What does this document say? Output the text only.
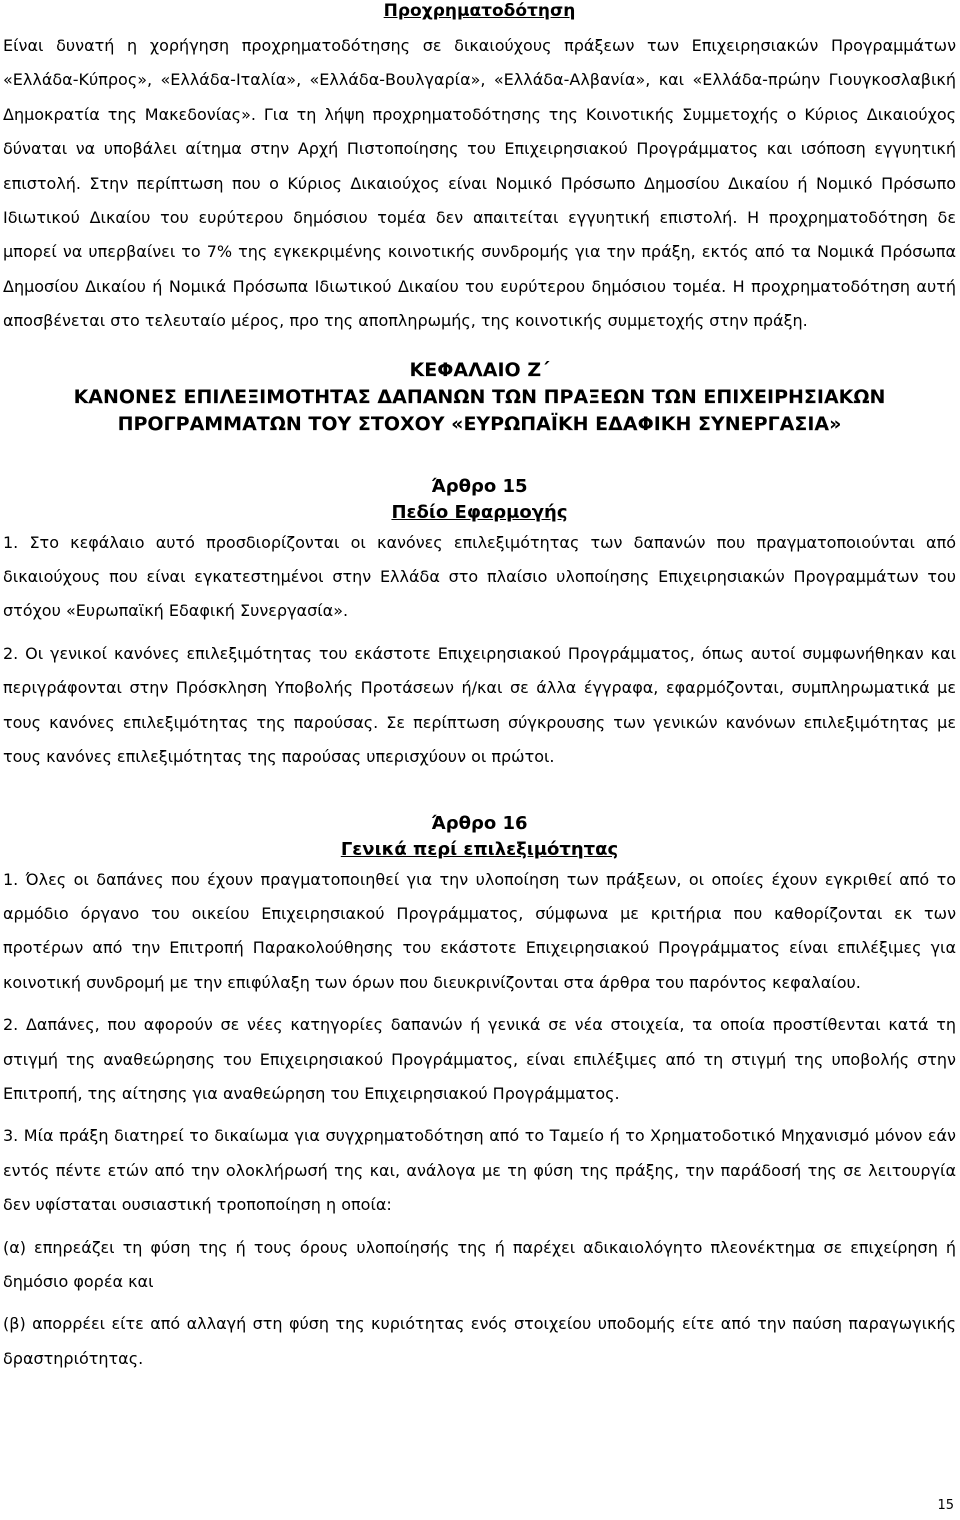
Προχρηματοδότηση

Είναι δυνατή η χορήγηση προχρηματοδότησης σε δικαιούχους πράξεων των Επιχειρησιακών Προγραμμάτων «Ελλάδα-Κύπρος», «Ελλάδα-Ιταλία», «Ελλάδα-Βουλγαρία», «Ελλάδα-Αλβανία», και «Ελλάδα-πρώην Γιουγκοσλαβική Δημοκρατία της Μακεδονίας». Για τη λήψη προχρηματοδότησης της Κοινοτικής Συμμετοχής ο Κύριος Δικαιούχος δύναται να υποβάλει αίτημα στην Αρχή Πιστοποίησης του Επιχειρησιακού Προγράμματος και ισόποση εγγυητική επιστολή. Στην περίπτωση που ο Κύριος Δικαιούχος είναι Νομικό Πρόσωπο Δημοσίου Δικαίου ή Νομικό Πρόσωπο Ιδιωτικού Δικαίου του ευρύτερου δημόσιου τομέα δεν απαιτείται εγγυητική επιστολή. Η προχρηματοδότηση δε μπορεί να υπερβαίνει το 7% της εγκεκριμένης κοινοτικής συνδρομής για την πράξη, εκτός από τα Νομικά Πρόσωπα Δημοσίου Δικαίου ή Νομικά Πρόσωπα Ιδιωτικού Δικαίου του ευρύτερου δημόσιου τομέα. Η προχρηματοδότηση αυτή αποσβένεται στο τελευταίο μέρος, προ της αποπληρωμής, της κοινοτικής συμμετοχής στην πράξη.

ΚΕΦΑΛΑΙΟ Ζ΄

ΚΑΝΟΝΕΣ ΕΠΙΛΕΞΙΜΟΤΗΤΑΣ ΔΑΠΑΝΩΝ ΤΩΝ ΠΡΑΞΕΩΝ ΤΩΝ ΕΠΙΧΕΙΡΗΣΙΑΚΩΝ
ΠΡΟΓΡΑΜΜΑΤΩΝ ΤΟΥ ΣΤΟΧΟΥ «ΕΥΡΩΠΑΪΚΗ ΕΔΑΦΙΚΗ ΣΥΝΕΡΓΑΣΙΑ»

Άρθρο 15

Πεδίο Εφαρμογής

1. Στο κεφάλαιο αυτό προσδιορίζονται οι κανόνες επιλεξιμότητας των δαπανών που πραγματοποιούνται από δικαιούχους που είναι εγκατεστημένοι στην Ελλάδα στο πλαίσιο υλοποίησης Επιχειρησιακών Προγραμμάτων του στόχου «Ευρωπαϊκή Εδαφική Συνεργασία».

2. Οι γενικοί κανόνες επιλεξιμότητας του εκάστοτε Επιχειρησιακού Προγράμματος, όπως αυτοί συμφωνήθηκαν και περιγράφονται στην Πρόσκληση Υποβολής Προτάσεων ή/και σε άλλα έγγραφα, εφαρμόζονται, συμπληρωματικά με τους κανόνες επιλεξιμότητας της παρούσας. Σε περίπτωση σύγκρουσης των γενικών κανόνων επιλεξιμότητας με τους κανόνες επιλεξιμότητας της παρούσας υπερισχύουν οι πρώτοι.

Άρθρο 16

Γενικά περί επιλεξιμότητας

1. Όλες οι δαπάνες που έχουν πραγματοποιηθεί για την υλοποίηση των πράξεων, οι οποίες έχουν εγκριθεί από το αρμόδιο όργανο του οικείου Επιχειρησιακού Προγράμματος, σύμφωνα με κριτήρια που καθορίζονται εκ των προτέρων από την Επιτροπή Παρακολούθησης του εκάστοτε Επιχειρησιακού Προγράμματος είναι επιλέξιμες για κοινοτική συνδρομή με την επιφύλαξη των όρων που διευκρινίζονται στα άρθρα του παρόντος κεφαλαίου.

2. Δαπάνες, που αφορούν σε νέες κατηγορίες δαπανών ή γενικά σε νέα στοιχεία, τα οποία προστίθενται κατά τη στιγμή της αναθεώρησης του Επιχειρησιακού Προγράμματος, είναι επιλέξιμες από τη στιγμή της υποβολής στην Επιτροπή, της αίτησης για αναθεώρηση του Επιχειρησιακού Προγράμματος.

3. Μία πράξη διατηρεί το δικαίωμα για συγχρηματοδότηση από το Ταμείο ή το Χρηματοδοτικό Μηχανισμό μόνον εάν εντός πέντε ετών από την ολοκλήρωσή της και, ανάλογα με τη φύση της πράξης, την παράδοσή της σε λειτουργία δεν υφίσταται ουσιαστική τροποποίηση η οποία:

(α) επηρεάζει τη φύση της ή τους όρους υλοποίησής της ή παρέχει αδικαιολόγητο πλεονέκτημα σε επιχείρηση ή δημόσιο φορέα και

(β) απορρέει είτε από αλλαγή στη φύση της κυριότητας ενός στοιχείου υποδομής είτε από την παύση παραγωγικής δραστηριότητας.

15
